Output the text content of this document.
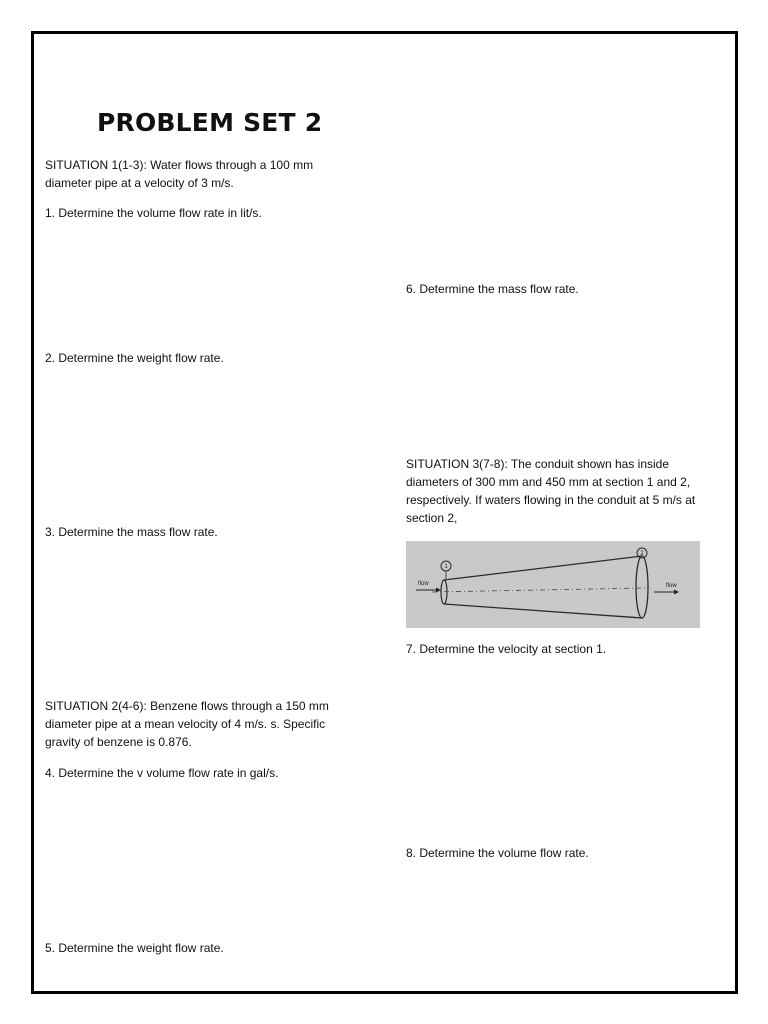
PROBLEM SET 2
SITUATION 1(1-3): Water flows through a 100 mm diameter pipe at a velocity of 3 m/s.
1. Determine the volume flow rate in lit/s.
2. Determine the weight flow rate.
3. Determine the mass flow rate.
SITUATION 2(4-6): Benzene flows through a 150 mm diameter pipe at a mean velocity of 4 m/s. s. Specific gravity of benzene is 0.876.
4. Determine the v volume flow rate in gal/s.
5. Determine the weight flow rate.
6. Determine the mass flow rate.
SITUATION 3(7-8): The conduit shown has inside diameters of 300 mm and 450 mm at section 1 and 2, respectively. If waters flowing in the conduit at 5 m/s at section 2,
1
2
flow	flow
7. Determine the velocity at section 1.
8. Determine the volume flow rate.
